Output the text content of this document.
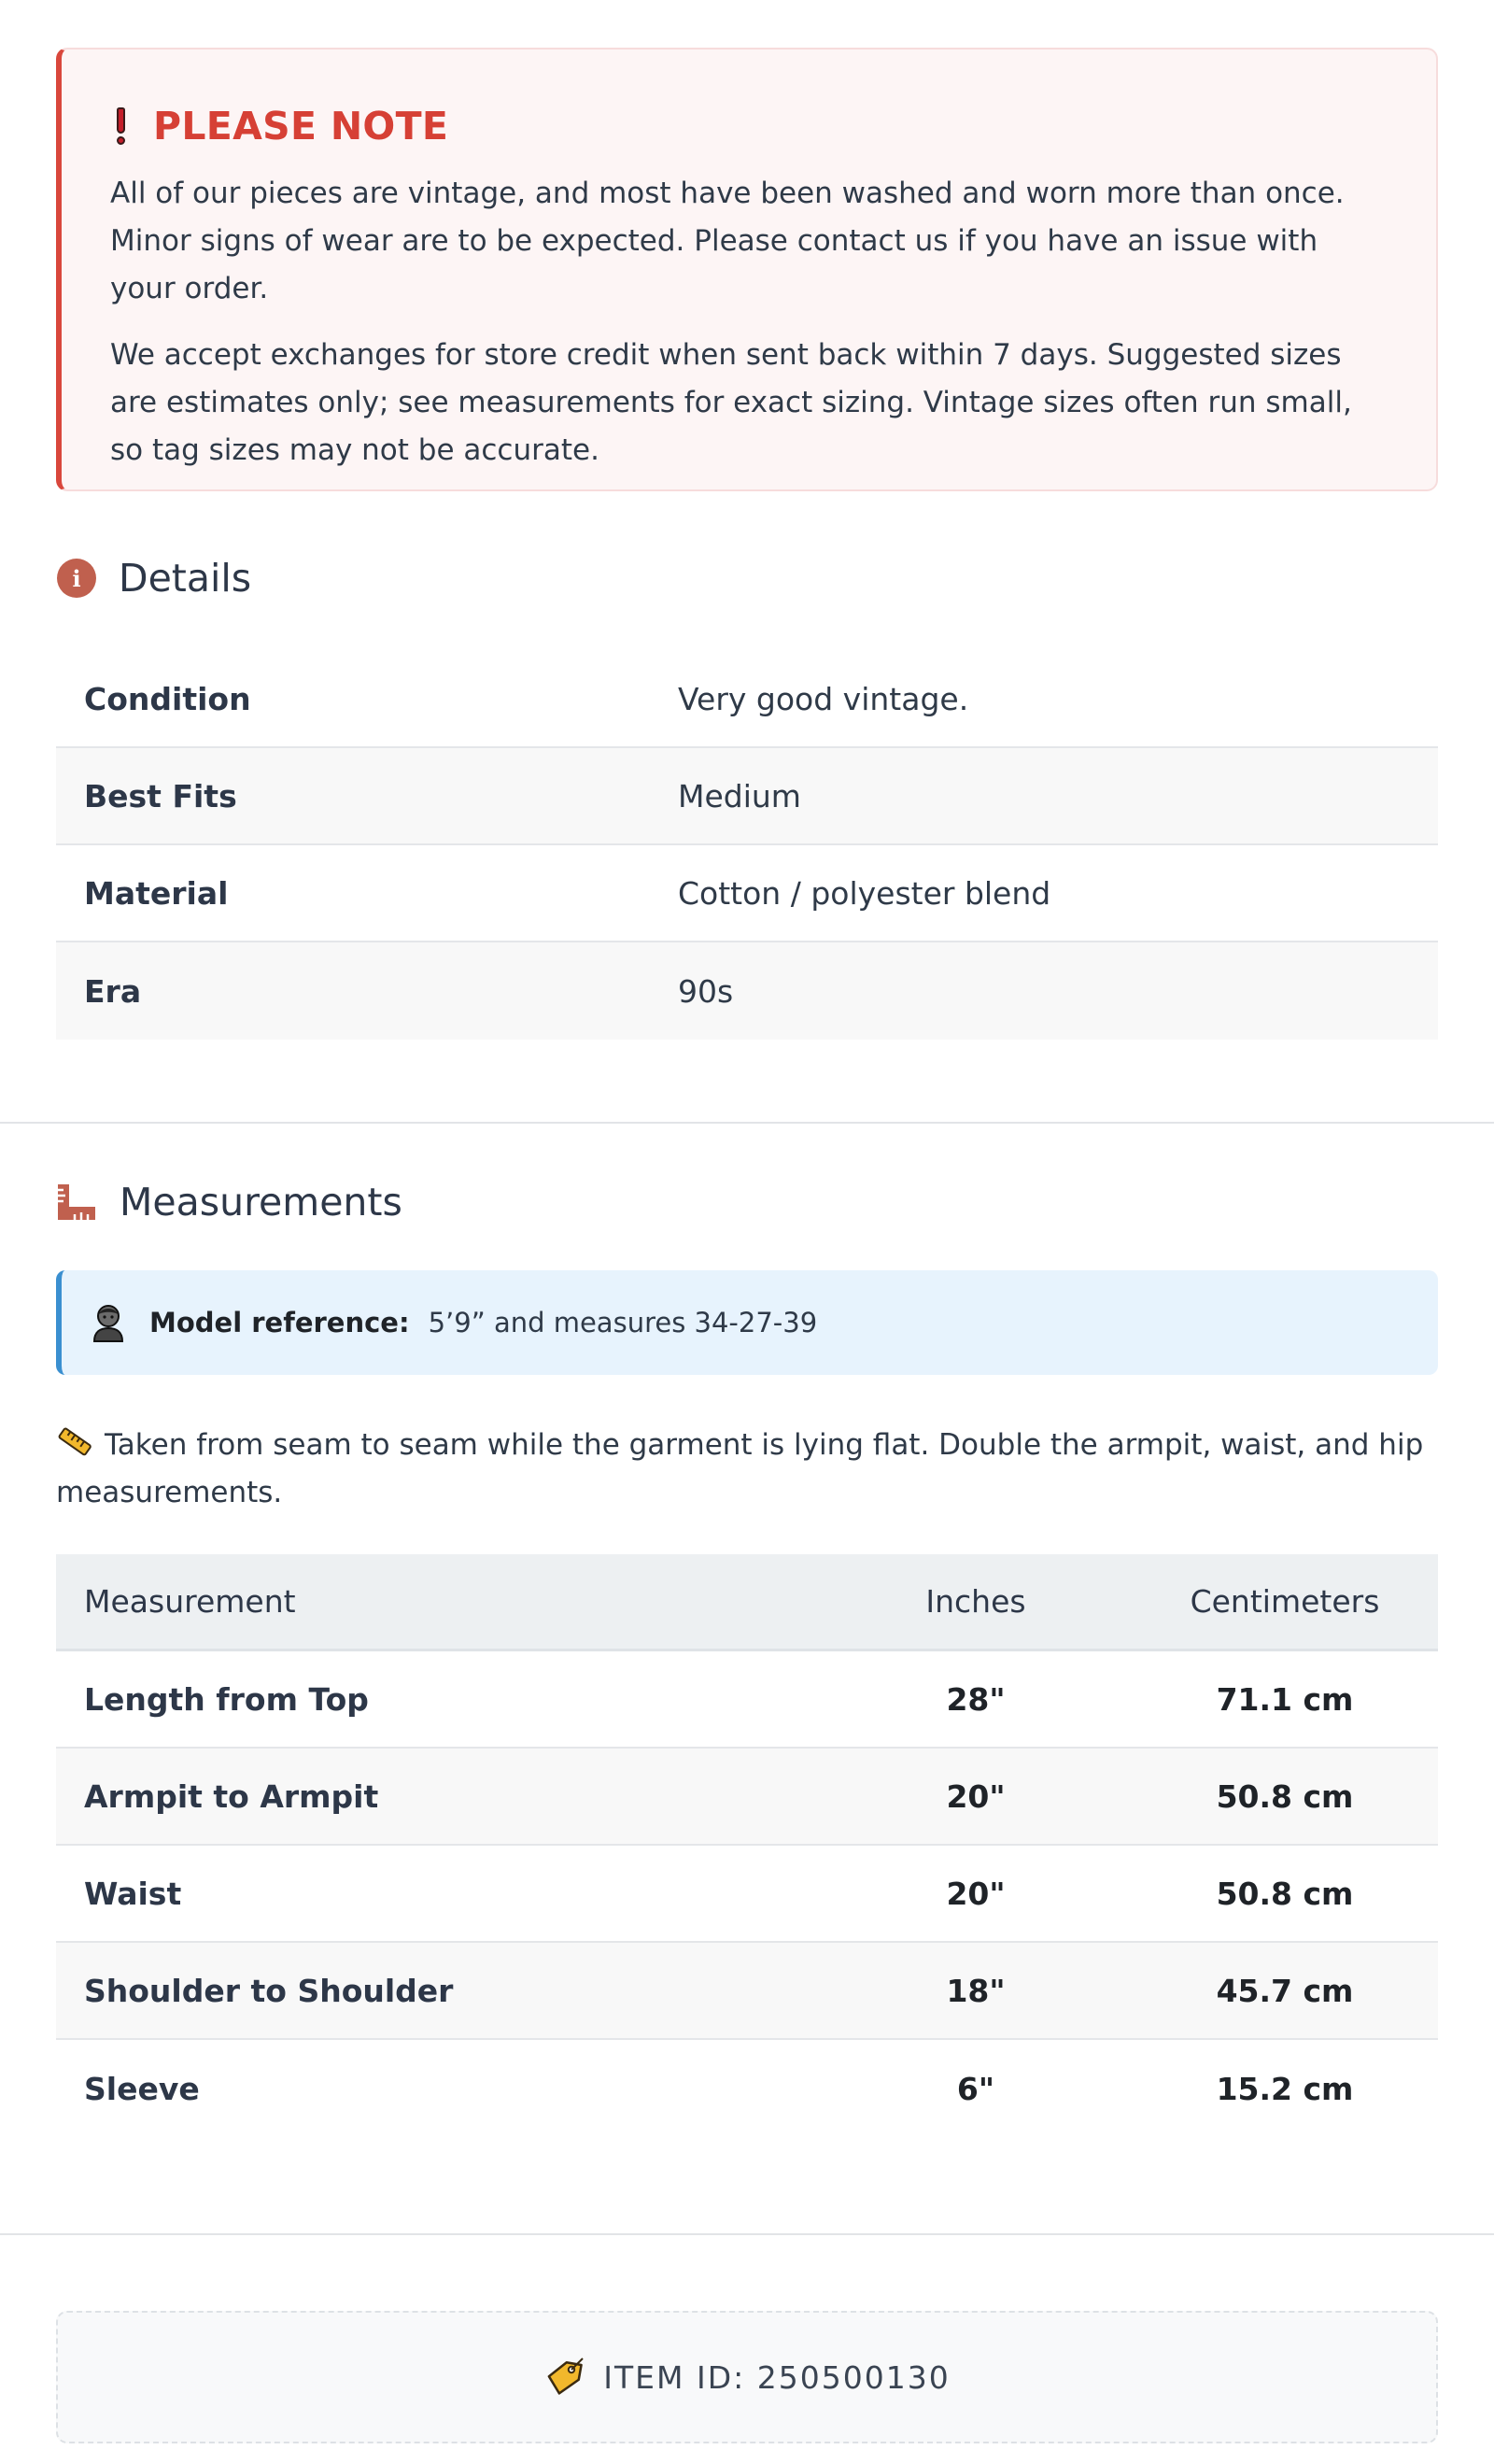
PLEASE NOTE

All of our pieces are vintage, and most have been washed and worn more than once. Minor signs of wear are to be expected. Please contact us if you have an issue with your order.

We accept exchanges for store credit when sent back within 7 days. Suggested sizes are estimates only; see measurements for exact sizing. Vintage sizes often run small, so tag sizes may not be accurate.

i Details
Condition	Very good vintage.
Best Fits	Medium
Material	Cotton / polyester blend
Era	90s
Measurements
Model reference: 5’9” and measures 34-27-39

Taken from seam to seam while the garment is lying flat. Double the armpit, waist, and hip measurements.

Measurement	Inches	Centimeters
Length from Top	28"	71.1 cm
Armpit to Armpit	20"	50.8 cm
Waist	20"	50.8 cm
Shoulder to Shoulder	18"	45.7 cm
Sleeve	6"	15.2 cm
ITEM ID: 250500130
